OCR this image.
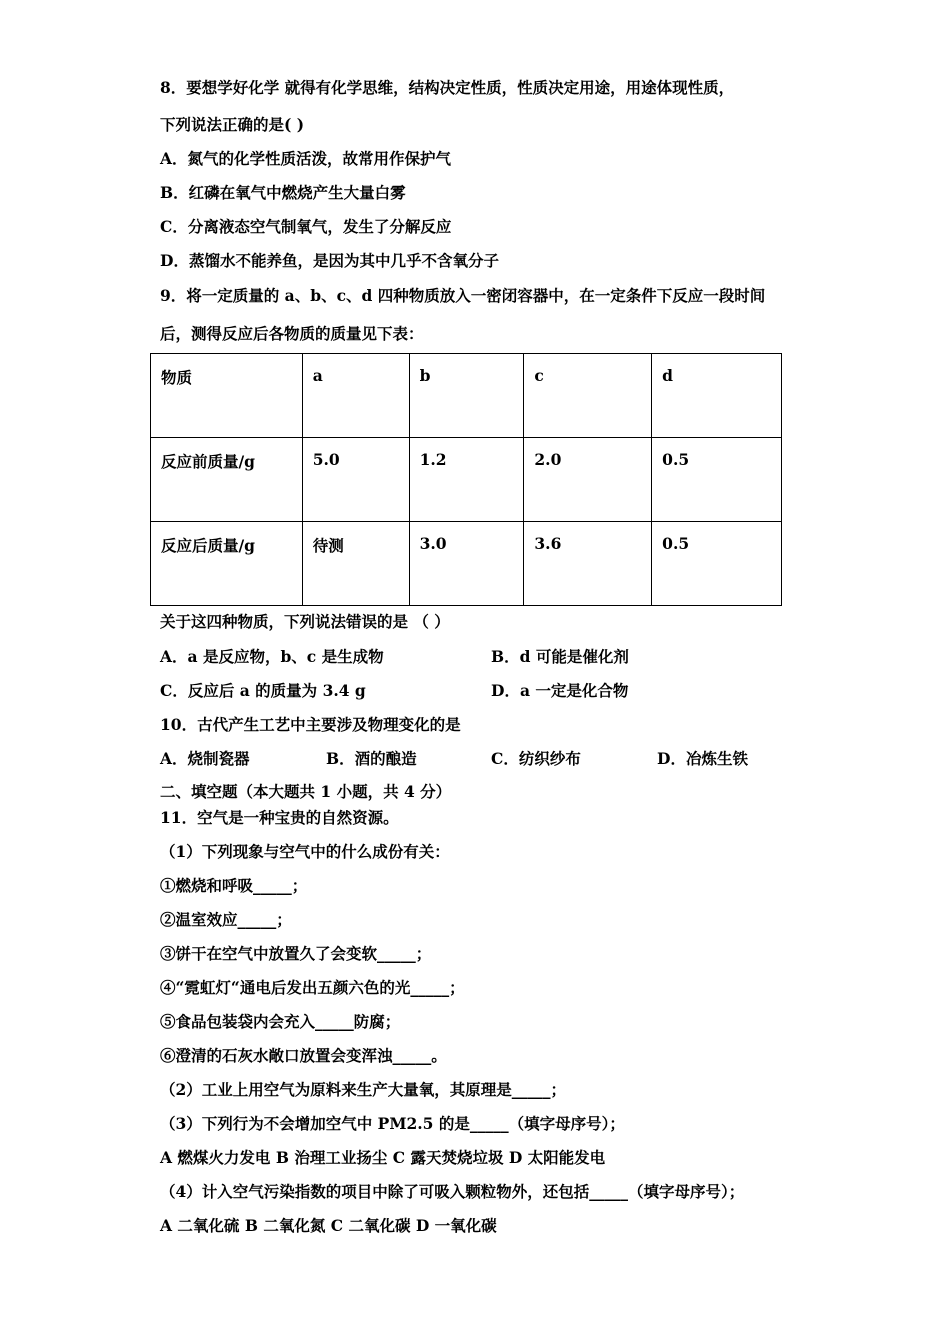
8．要想学好化学 就得有化学思维，结构决定性质，性质决定用途，用途体现性质，
下列说法正确的是( )
A．氮气的化学性质活泼，故常用作保护气
B．红磷在氧气中燃烧产生大量白雾
C．分离液态空气制氧气，发生了分解反应
D．蒸馏水不能养鱼，是因为其中几乎不含氧分子
9．将一定质量的 a、b、c、d 四种物质放入一密闭容器中，在一定条件下反应一段时间
后，测得反应后各物质的质量见下表：
物质	a	b	c	d
反应前质量/g	5.0	1.2	2.0	0.5
反应后质量/g	待测	3.0	3.6	0.5
关于这四种物质，下列说法错误的是 （ ）
A．a 是反应物，b、c 是生成物	B．d 可能是催化剂
C．反应后 a 的质量为 3.4 g	D．a 一定是化合物
10．古代产生工艺中主要涉及物理变化的是
A．烧制瓷器	B．酒的酿造	C．纺织纱布	D．冶炼生铁
二、填空题（本大题共 1 小题，共 4 分）
11．空气是一种宝贵的自然资源。
（1）下列现象与空气中的什么成份有关：
①燃烧和呼吸_____；
②温室效应_____；
③饼干在空气中放置久了会变软_____；
④“霓虹灯“通电后发出五颜六色的光_____；
⑤食品包装袋内会充入_____防腐；
⑥澄清的石灰水敞口放置会变浑浊_____。
（2）工业上用空气为原料来生产大量氧，其原理是_____；
（3）下列行为不会增加空气中 PM2.5 的是_____（填字母序号）；
A 燃煤火力发电 B 治理工业扬尘 C 露天焚烧垃圾 D 太阳能发电
（4）计入空气污染指数的项目中除了可吸入颗粒物外，还包括_____（填字母序号）；
A 二氧化硫 B 二氧化氮 C 二氧化碳 D 一氧化碳
